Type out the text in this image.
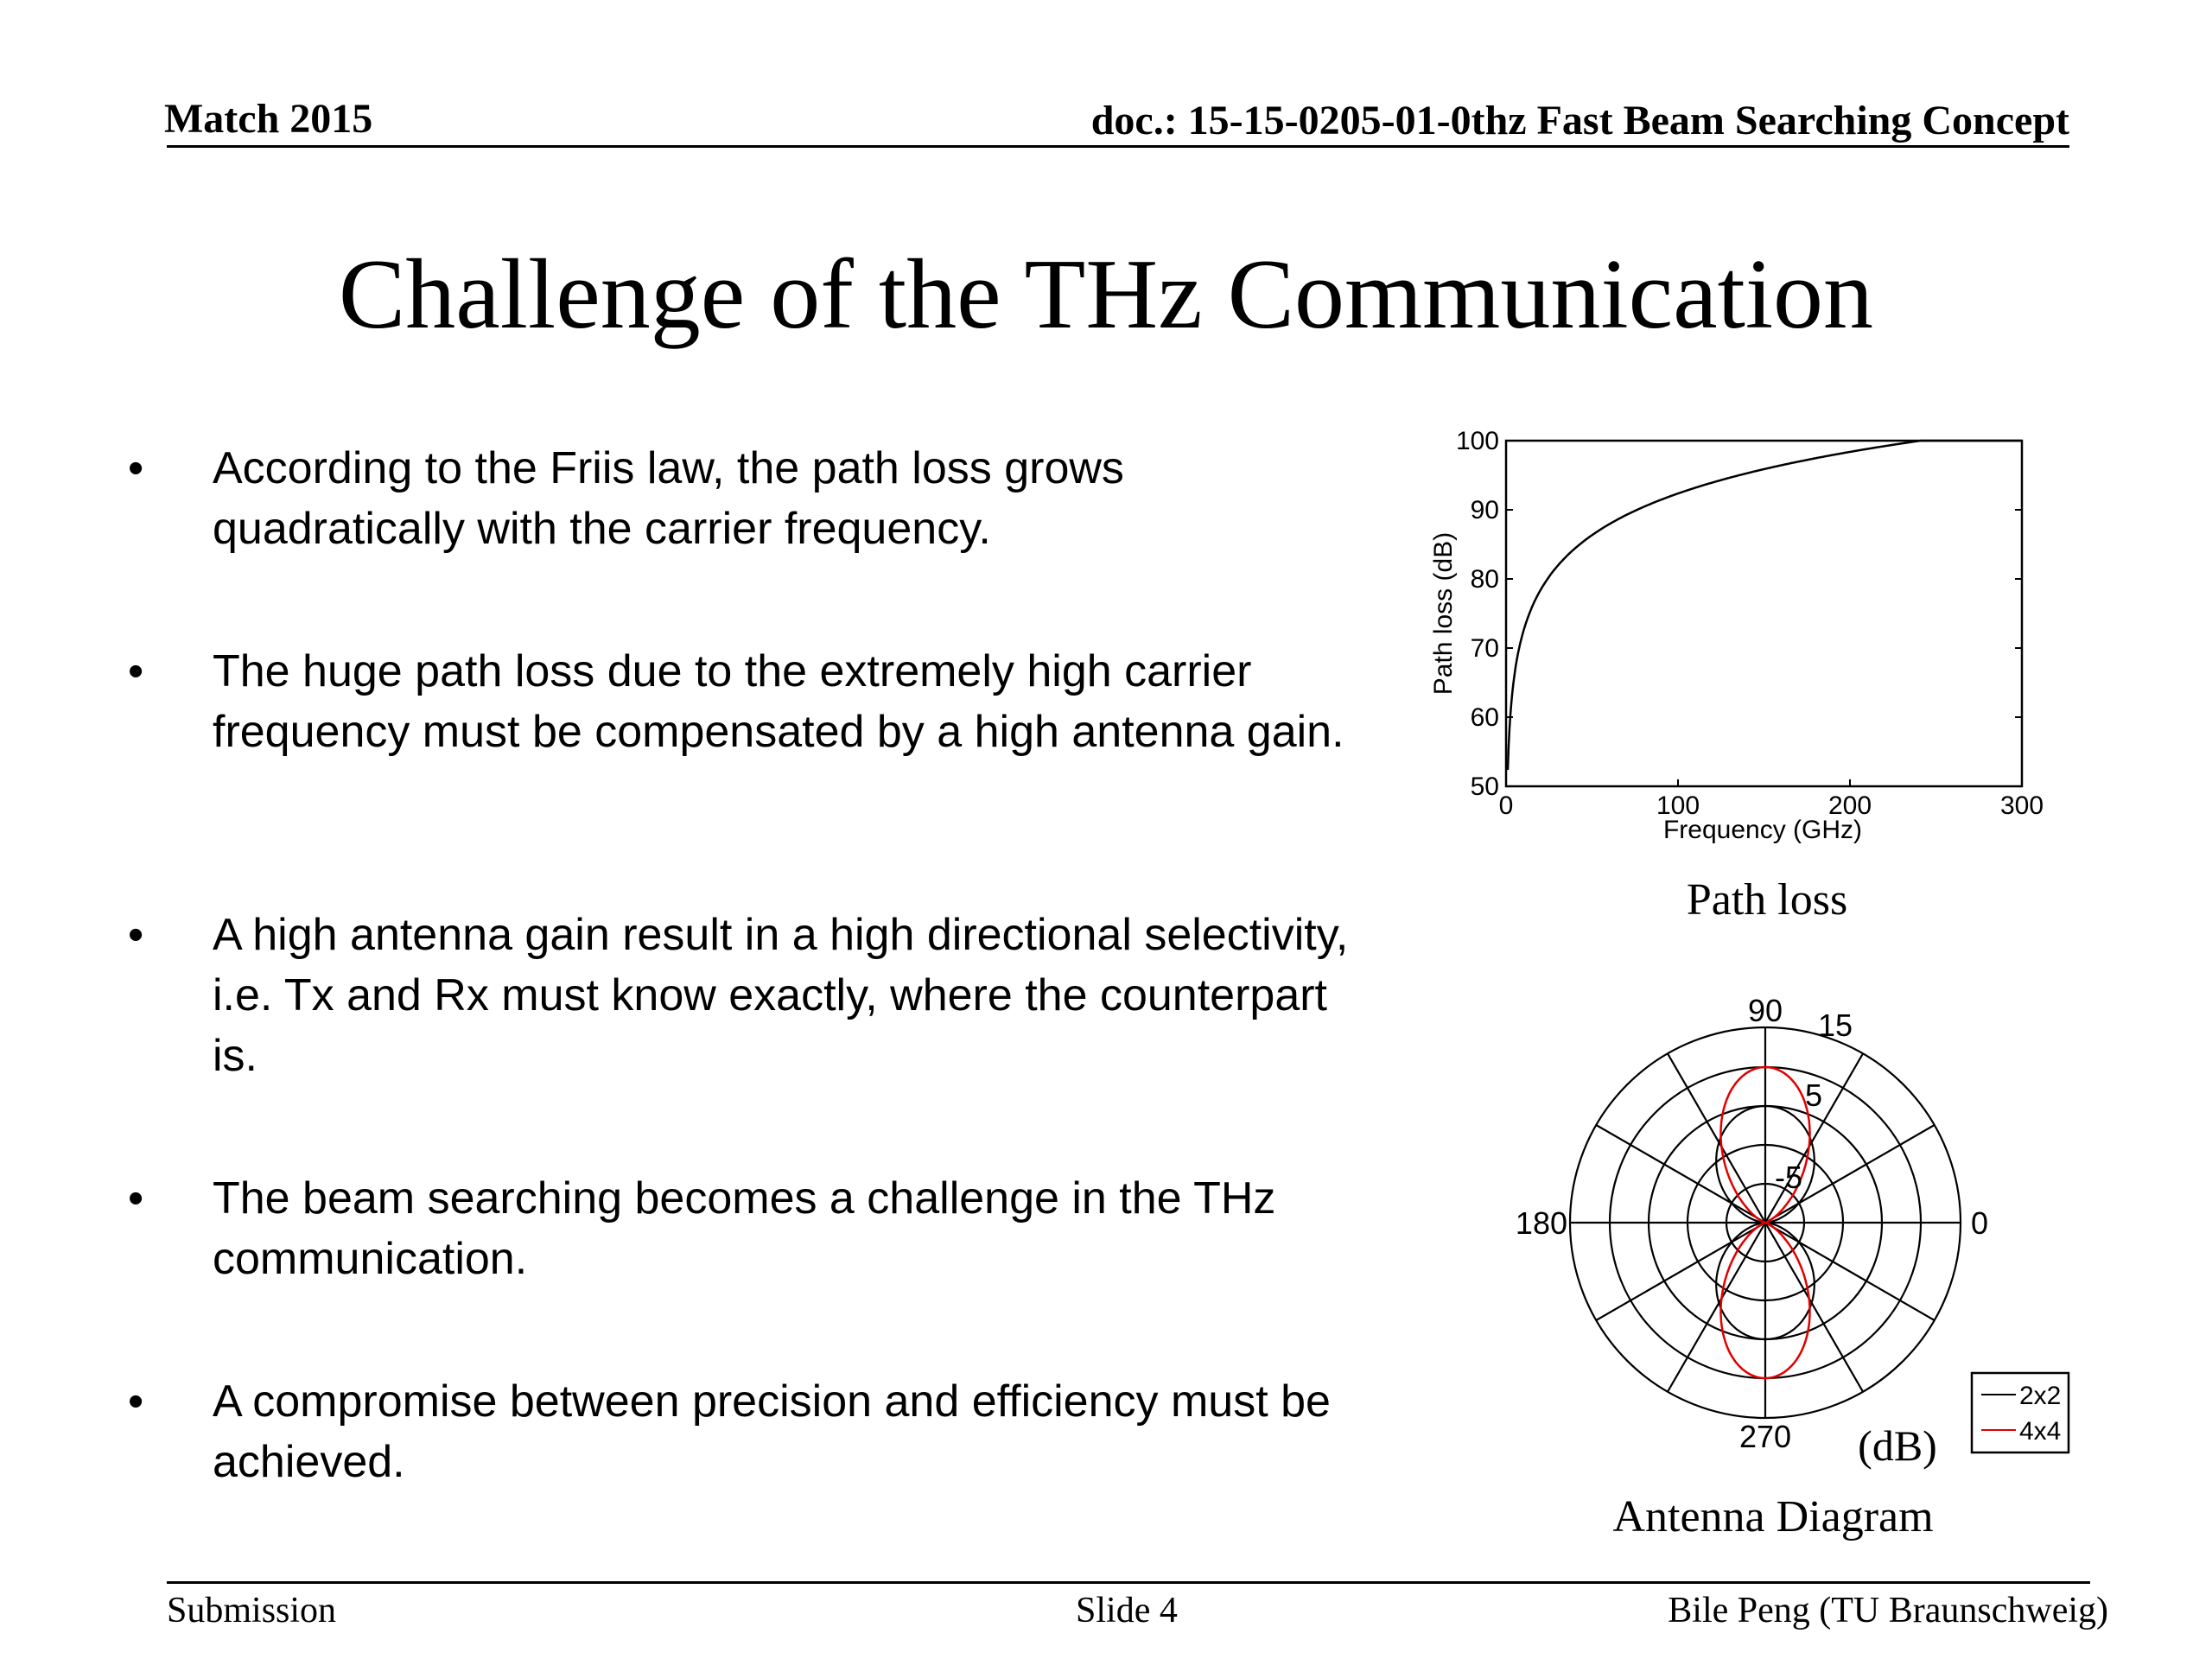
Match 2015	doc.: 15-15-0205-01-0thz Fast Beam Searching Concept
Challenge of the THz Communication
• According to the Friis law, the path loss grows quadratically with the carrier frequency.
• The huge path loss due to the extremely high carrier frequency must be compensated by a high antenna gain.
• A high antenna gain result in a high directional selectivity, i.e. Tx and Rx must know exactly, where the counterpart is.
• The beam searching becomes a challenge in the THz communication.
• A compromise between precision and efficiency must be achieved.
0	100	200	300
50
60
70
80
90
100
Frequency (GHz)
Path loss (dB)
Path loss
90
270
180	0
15
5
-5
(dB)
2x2
4x4
Antenna Diagram
Submission	Slide 4	Bile Peng (TU Braunschweig)
